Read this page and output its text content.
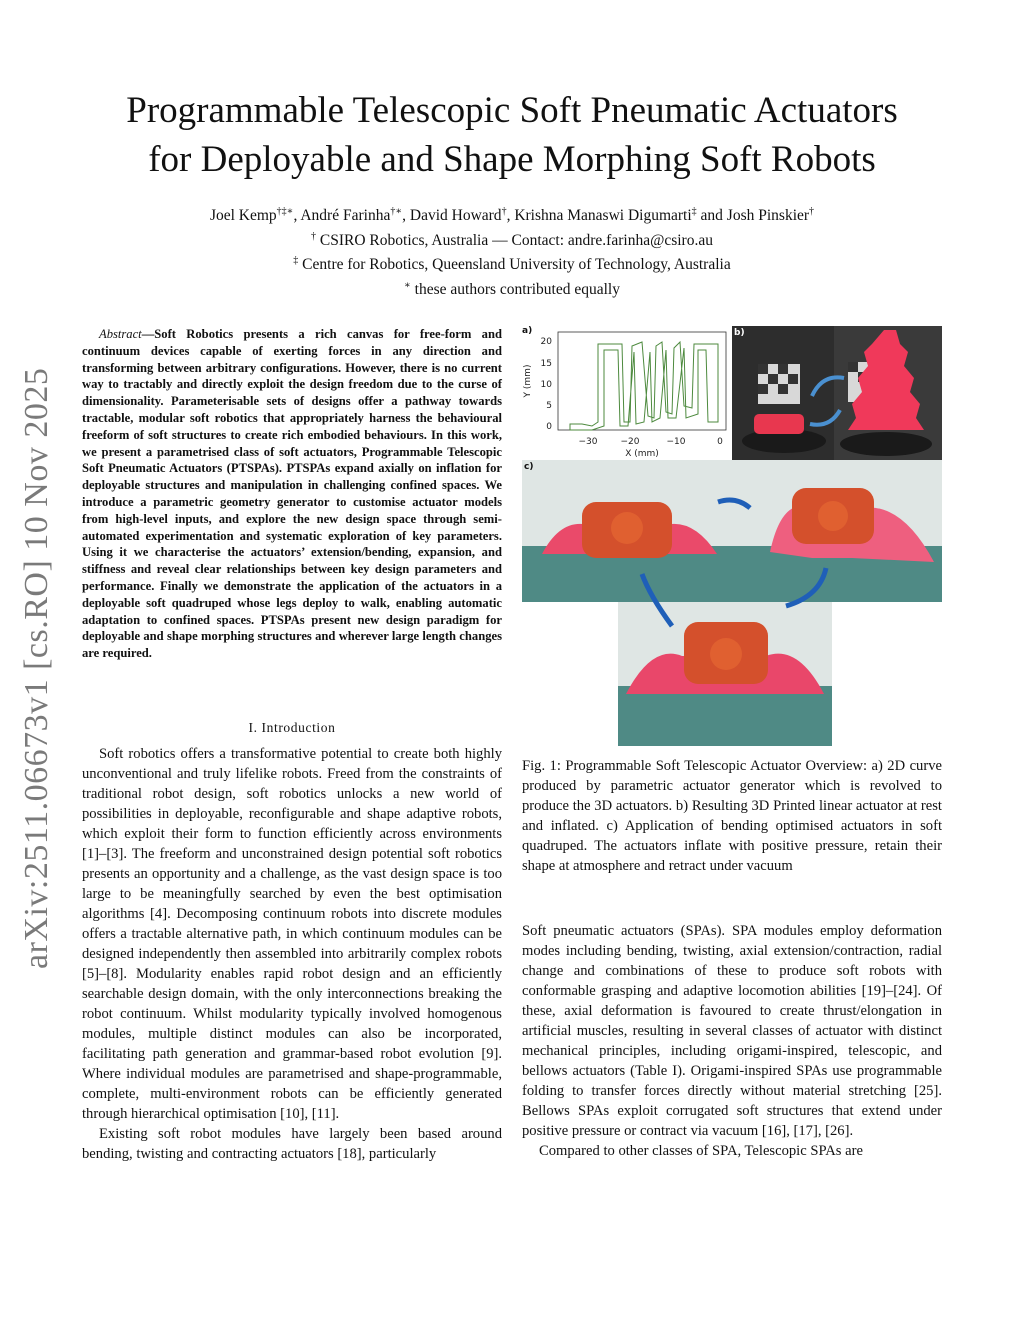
arXiv:2511.06673v1 [cs.RO] 10 Nov 2025
Programmable Telescopic Soft Pneumatic Actuators
for Deployable and Shape Morphing Soft Robots
Joel Kemp†‡∗, André Farinha†∗, David Howard†, Krishna Manaswi Digumarti‡ and Josh Pinskier†
† CSIRO Robotics, Australia — Contact: andre.farinha@csiro.au
‡ Centre for Robotics, Queensland University of Technology, Australia
∗ these authors contributed equally

Abstract—Soft Robotics presents a rich canvas for free-form and continuum devices capable of exerting forces in any direction and transforming between arbitrary configurations. However, there is no current way to tractably and directly exploit the design freedom due to the curse of dimensionality. Parameterisable sets of designs offer a pathway towards tractable, modular soft robotics that appropriately harness the behavioural freeform of soft structures to create rich embodied behaviours. In this work, we present a parametrised class of soft actuators, Programmable Telescopic Soft Pneumatic Actuators (PTSPAs). PTSPAs expand axially on inflation for deployable structures and manipulation in challenging confined spaces. We introduce a parametric geometry generator to customise actuator models from high-level inputs, and explore the new design space through semi-automated experimentation and systematic exploration of key parameters. Using it we characterise the actuators’ extension/bending, expansion, and stiffness and reveal clear relationships between key design parameters and performance. Finally we demonstrate the application of the actuators in a deployable soft quadruped whose legs deploy to walk, enabling automatic adaptation to confined spaces. PTSPAs present new design paradigm for deployable and shape morphing structures and wherever large length changes are required.

I. Introduction

Soft robotics offers a transformative potential to create both highly unconventional and truly lifelike robots. Freed from the constraints of traditional robot design, soft robotics unlocks a new world of possibilities in deployable, reconfigurable and shape adaptive robots, which exploit their form to function efficiently across environments [1]–[3]. The freeform and unconstrained design potential soft robotics presents an opportunity and a challenge, as the vast design space is too large to be meaningfully searched by even the best optimisation algorithms [4]. Decomposing continuum robots into discrete modules offers a tractable alternative path, in which continuum modules can be designed independently then assembled into arbitrarily complex robots [5]–[8]. Modularity enables rapid robot design and an efficiently searchable design domain, with the only interconnections breaking the robot continuum. Whilst modularity typically involved homogenous modules, multiple distinct modules can also be incorporated, facilitating path generation and grammar-based robot evolution [9]. Where individual modules are parametrised and shape-programmable, complete, multi-environment robots can be efficiently generated through hierarchical optimisation [10], [11].

Existing soft robot modules have largely been based around bending, twisting and contracting actuators [18], particularly

20
15
10
5
0
−30	−20	−10	0
X (mm)
Y (mm)
a)	b)
c)

Fig. 1: Programmable Soft Telescopic Actuator Overview: a) 2D curve produced by parametric actuator generator which is revolved to produce the 3D actuators. b) Resulting 3D Printed linear actuator at rest and inflated. c) Application of bending optimised actuators in soft quadruped. The actuators inflate with positive pressure, retain their shape at atmosphere and retract under vacuum

Soft pneumatic actuators (SPAs). SPA modules employ deformation modes including bending, twisting, axial extension/contraction, radial change and combinations of these to produce soft robots with conformable grasping and adaptive locomotion abilities [19]–[24]. Of these, axial deformation is favoured to create thrust/elongation in artificial muscles, resulting in several classes of actuator with distinct mechanical principles, including origami-inspired, telescopic, and bellows actuators (Table I). Origami-inspired SPAs use programmable folding to transfer forces directly without material stretching [25]. Bellows SPAs exploit corrugated soft structures that extend under positive pressure or contract via vacuum [16], [17], [26].

Compared to other classes of SPA, Telescopic SPAs are
